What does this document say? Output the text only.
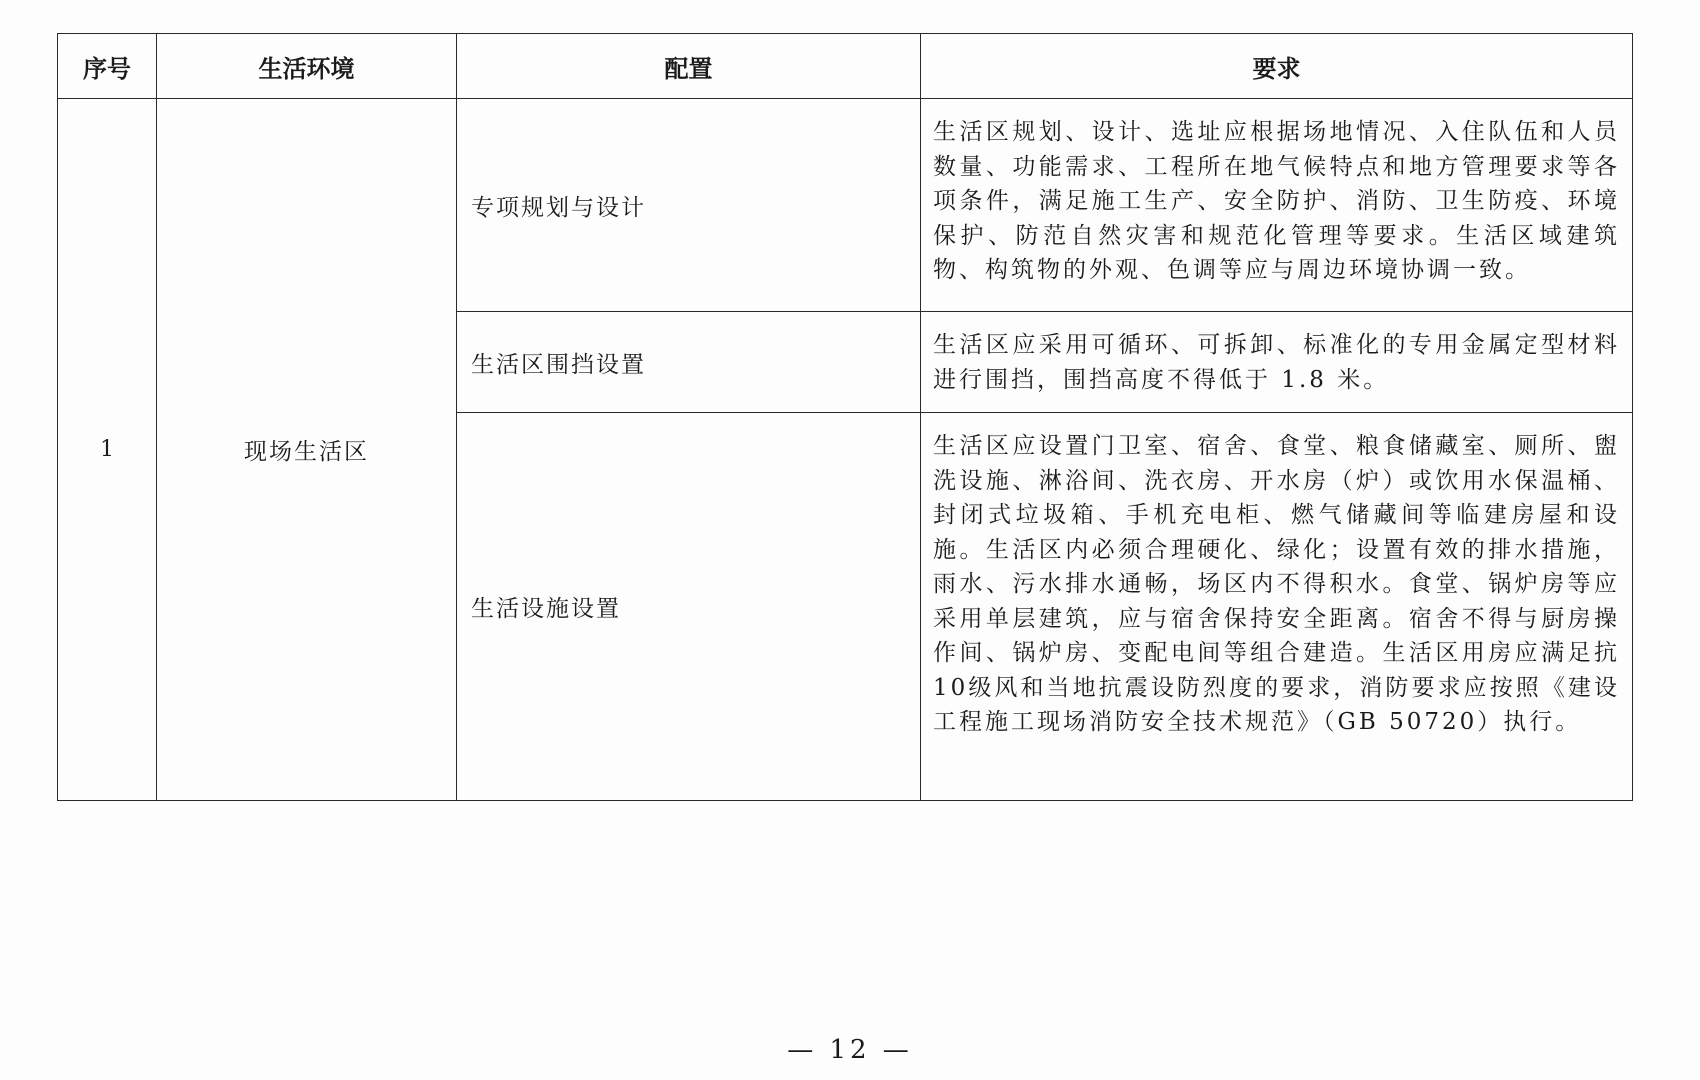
序号	生活环境	配置	要求
1	现场生活区	专项规划与设计	生活区规划、设计、选址应根据场地情况、入住队伍和人员数量、功能需求、工程所在地气候特点和地方管理要求等各项条件，满足施工生产、安全防护、消防、卫生防疫、环境保护、防范自然灾害和规范化管理等要求。生活区域建筑物、构筑物的外观、色调等应与周边环境协调一致。
		生活区围挡设置	生活区应采用可循环、可拆卸、标准化的专用金属定型材料进行围挡，围挡高度不得低于 1.8 米。
		生活设施设置	生活区应设置门卫室、宿舍、食堂、粮食储藏室、厕所、盥洗设施、淋浴间、洗衣房、开水房（炉）或饮用水保温桶、封闭式垃圾箱、手机充电柜、燃气储藏间等临建房屋和设施。生活区内必须合理硬化、绿化；设置有效的排水措施，雨水、污水排水通畅，场区内不得积水。食堂、锅炉房等应采用单层建筑，应与宿舍保持安全距离。宿舍不得与厨房操作间、锅炉房、变配电间等组合建造。生活区用房应满足抗10级风和当地抗震设防烈度的要求，消防要求应按照《建设工程施工现场消防安全技术规范》（GB 50720）执行。
— 12 —
